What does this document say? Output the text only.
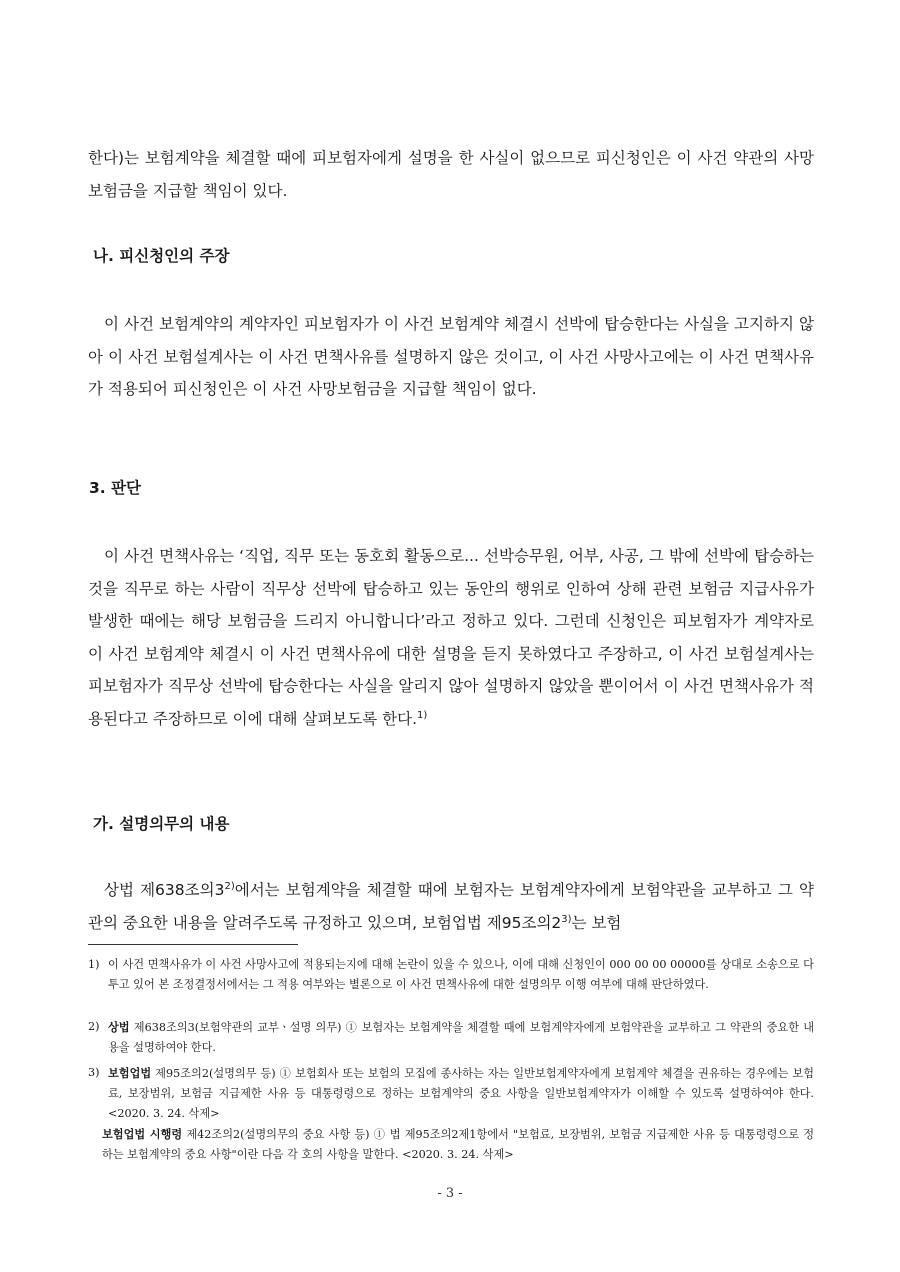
한다)는 보험계약을 체결할 때에 피보험자에게 설명을 한 사실이 없으므로 피신청인은 이 사건 약관의 사망보험금을 지급할 책임이 있다.

나. 피신청인의 주장

이 사건 보험계약의 계약자인 피보험자가 이 사건 보험계약 체결시 선박에 탑승한다는 사실을 고지하지 않아 이 사건 보험설계사는 이 사건 면책사유를 설명하지 않은 것이고, 이 사건 사망사고에는 이 사건 면책사유가 적용되어 피신청인은 이 사건 사망보험금을 지급할 책임이 없다.

3. 판단

이 사건 면책사유는 ‘직업, 직무 또는 동호회 활동으로... 선박승무원, 어부, 사공, 그 밖에 선박에 탑승하는 것을 직무로 하는 사람이 직무상 선박에 탑승하고 있는 동안의 행위로 인하여 상해 관련 보험금 지급사유가 발생한 때에는 해당 보험금을 드리지 아니합니다’라고 정하고 있다. 그런데 신청인은 피보험자가 계약자로 이 사건 보험계약 체결시 이 사건 면책사유에 대한 설명을 듣지 못하였다고 주장하고, 이 사건 보험설계사는 피보험자가 직무상 선박에 탑승한다는 사실을 알리지 않아 설명하지 않았을 뿐이어서 이 사건 면책사유가 적용된다고 주장하므로 이에 대해 살펴보도록 한다.$^{1)}$

가. 설명의무의 내용

상법 제638조의3$^{2)}$에서는 보험계약을 체결할 때에 보험자는 보험계약자에게 보험약관을 교부하고 그 약관의 중요한 내용을 알려주도록 규정하고 있으며, 보험업법 제95조의2$^{3)}$는 보험

1) 이 사건 면책사유가 이 사건 사망사고에 적용되는지에 대해 논란이 있을 수 있으나, 이에 대해 신청인이 000 00 00 00000를 상대로 소송으로 다투고 있어 본 조정결정서에서는 그 적용 여부와는 별론으로 이 사건 면책사유에 대한 설명의무 이행 여부에 대해 판단하였다.
2) 상법 제638조의3(보험약관의 교부ㆍ설명 의무) ① 보험자는 보험계약을 체결할 때에 보험계약자에게 보험약관을 교부하고 그 약관의 중요한 내용을 설명하여야 한다.
3) 보험업법 제95조의2(설명의무 등) ① 보험회사 또는 보험의 모집에 종사하는 자는 일반보험계약자에게 보험계약 체결을 권유하는 경우에는 보험료, 보장범위, 보험금 지급제한 사유 등 대통령령으로 정하는 보험계약의 중요 사항을 일반보험계약자가 이해할 수 있도록 설명하여야 한다. <2020. 3. 24. 삭제>
보험업법 시행령 제42조의2(설명의무의 중요 사항 등) ① 법 제95조의2제1항에서 "보험료, 보장범위, 보험금 지급제한 사유 등 대통령령으로 정하는 보험계약의 중요 사항"이란 다음 각 호의 사항을 말한다. <2020. 3. 24. 삭제>
- 3 -
